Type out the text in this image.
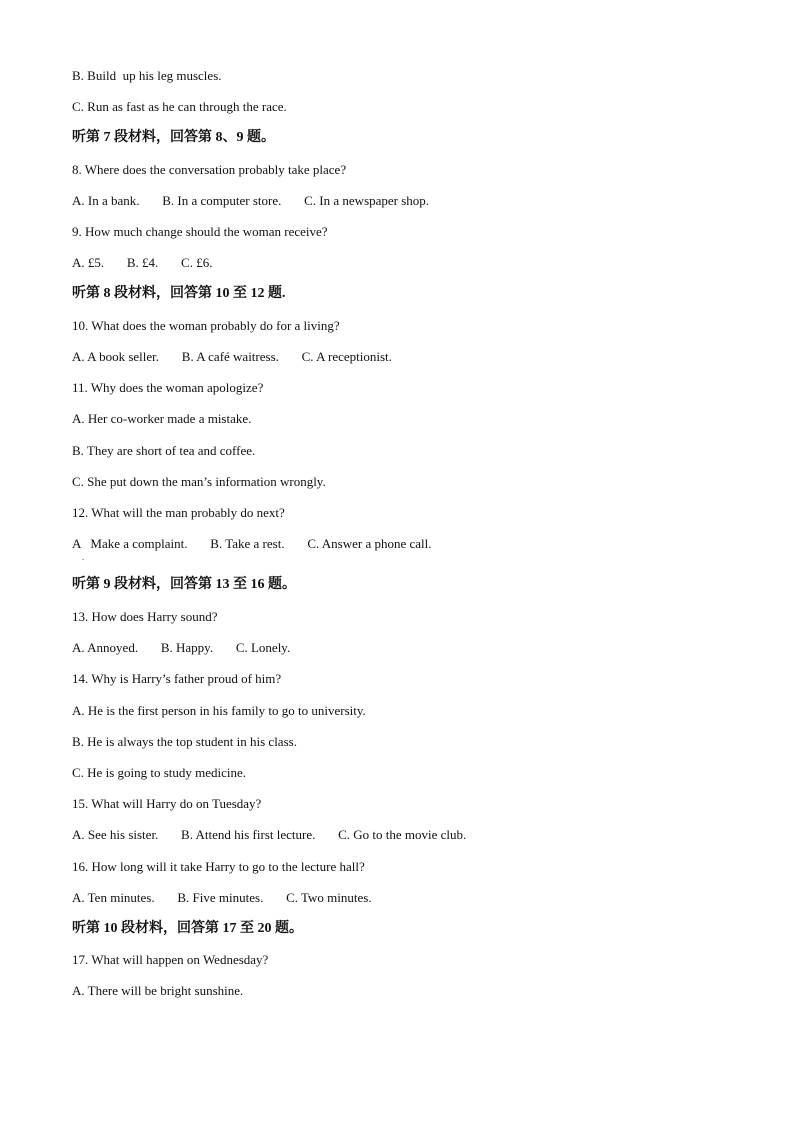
B. Build  up his leg muscles.
C. Run as fast as he can through the race.
听第 7 段材料，回答第 8、9 题。
8. Where does the conversation probably take place?
A. In a bank.       B. In a computer store.       C. In a newspaper shop.
9. How much change should the woman receive?
A. £5.       B. £4.       C. £6.
听第 8 段材料，回答第 10 至 12 题.
10. What does the woman probably do for a living?
A. A book seller.       B. A café waitress.       C. A receptionist.
11. Why does the woman apologize?
A. Her co-worker made a mistake.
B. They are short of tea and coffee.
C. She put down the man’s information wrongly.
12. What will the man probably do next?
A   Make a complaint.       B. Take a rest.       C. Answer a phone call.
.
听第 9 段材料，回答第 13 至 16 题。
13. How does Harry sound?
A. Annoyed.       B. Happy.       C. Lonely.
14. Why is Harry’s father proud of him?
A. He is the first person in his family to go to university.
B. He is always the top student in his class.
C. He is going to study medicine.
15. What will Harry do on Tuesday?
A. See his sister.       B. Attend his first lecture.       C. Go to the movie club.
16. How long will it take Harry to go to the lecture hall?
A. Ten minutes.       B. Five minutes.       C. Two minutes.
听第 10 段材料，回答第 17 至 20 题。
17. What will happen on Wednesday?
A. There will be bright sunshine.
